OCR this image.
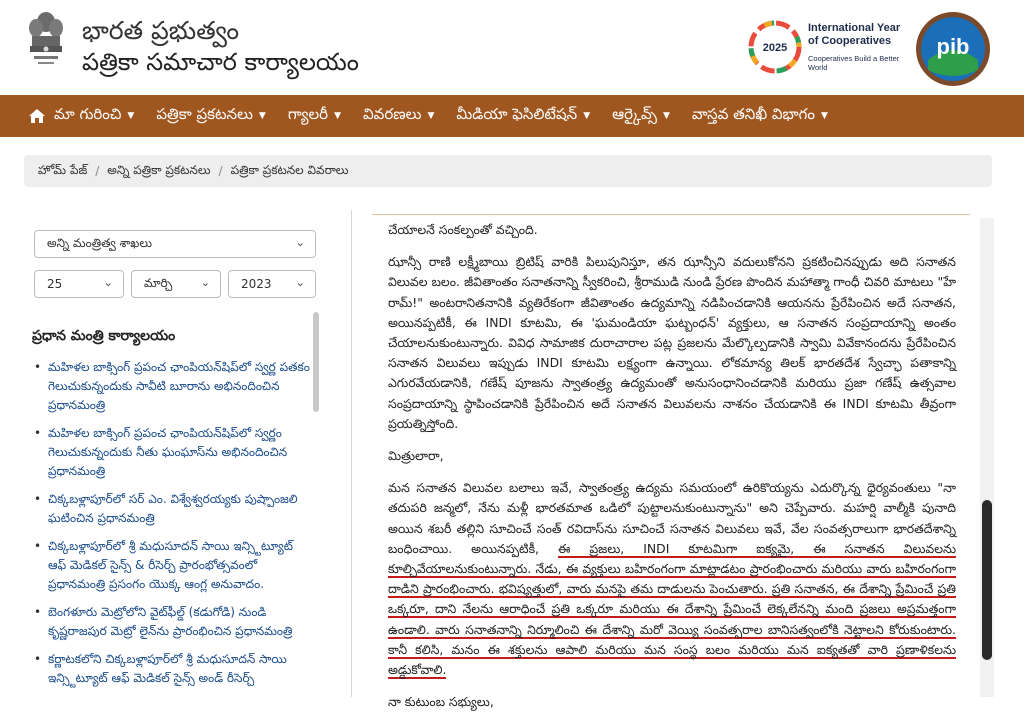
భారత ప్రభుత్వం
పత్రికా సమాచార కార్యాలయం	2025
International Year of Cooperatives
Cooperatives Build a Better World
pib
మా గురించి ▼ పత్రికా ప్రకటనలు ▼ గ్యాలరీ ▼ వివరణలు ▼ మీడియా ఫెసిలిటేషన్ ▼ ఆర్కైవ్స్ ▼ వాస్తవ తనిఖీ విభాగం ▼
హోమ్ పేజ్ / అన్ని పత్రికా ప్రకటనలు / పత్రికా ప్రకటనల వివరాలు
అన్ని మంత్రిత్వ శాఖలు	⌄
25	⌄	మార్చి	⌄	2023 ⌄
ప్రధాన మంత్రి కార్యాలయం
• మహిళల బాక్సింగ్ ప్రపంచ ఛాంపియన్‌షిప్‌లో స్వర్ణ పతకం గెలుచుకున్నందుకు సావీటి బూరాను అభినందించిన ప్రధానమంత్రి
• మహిళల బాక్సింగ్ ప్రపంచ ఛాంపియన్‌షిప్‌లో స్వర్ణం గెలుచుకున్నందుకు నీతు ఘంఘాస్‌ను అభినందించిన ప్రధానమంత్రి
• చిక్కబళ్లాపూర్‌లో సర్ ఎం. విశ్వేశ్వరయ్యకు పుష్పాంజలి ఘటించిన ప్రధానమంత్రి
• చిక్కబళ్లాపూర్‌లో శ్రీ మధుసూదన్ సాయి ఇన్స్టిట్యూట్ ఆఫ్ మెడికల్ సైన్స్ & రీసెర్చ్ ప్రారంభోత్సవంలో ప్రధానమంత్రి ప్రసంగం యొక్క ఆంగ్ల అనువాదం.
• బెంగళూరు మెట్రోలోని వైట్‌ఫీల్డ్ (కడుగోడి) నుండి కృష్ణరాజపుర మెట్రో లైన్‌ను ప్రారంభించిన ప్రధానమంత్రి
• కర్ణాటకలోని చిక్కబళ్లాపూర్‌లో శ్రీ మధుసూదన్ సాయి ఇన్స్టిట్యూట్ ఆఫ్ మెడికల్ సైన్స్ అండ్ రీసెర్చ్

చేయాలనే సంకల్పంతో వచ్చింది.

ఝాన్సీ రాణి లక్ష్మీబాయి బ్రిటిష్ వారికి పిలుపునిస్తూ, తన ఝాన్సీని వదులుకోనని ప్రకటించినప్పుడు అది సనాతన విలువల బలం. జీవితాంతం సనాతనాన్ని స్వీకరించి, శ్రీరాముడి నుండి ప్రేరణ పొందిన మహాత్మా గాంధీ చివరి మాటలు "హే రామ్!" అంటరానితనానికి వ్యతిరేకంగా జీవితాంతం ఉద్యమాన్ని నడిపించడానికి ఆయనను ప్రేరేపించిన అదే సనాతన, అయినప్పటికీ, ఈ INDI కూటమి, ఈ 'ఘమండియా ఘట్బంధన్' వ్యక్తులు, ఆ సనాతన సంప్రదాయాన్ని అంతం చేయాలనుకుంటున్నారు. వివిధ సామాజిక దురాచారాల పట్ల ప్రజలను మేల్కొల్పడానికి స్వామి వివేకానందను ప్రేరేపించిన సనాతన విలువలు ఇప్పుడు INDI కూటమి లక్ష్యంగా ఉన్నాయి. లోకమాన్య తిలక్ భారతదేశ స్వేచ్ఛా పతాకాన్ని ఎగురవేయడానికి, గణేష్ పూజను స్వాతంత్ర్య ఉద్యమంతో అనుసంధానించడానికి మరియు ప్రజా గణేష్ ఉత్సవాల సంప్రదాయాన్ని స్థాపించడానికి ప్రేరేపించిన అదే సనాతన విలువలను నాశనం చేయడానికి ఈ INDI కూటమి తీవ్రంగా ప్రయత్నిస్తోంది.

మిత్రులారా,

మన సనాతన విలువల బలాలు ఇవే, స్వాతంత్ర్య ఉద్యమ సమయంలో ఉరికొయ్యను ఎదుర్కొన్న ధైర్యవంతులు "నా తదుపరి జన్మలో, నేను మళ్లీ భారతమాత ఒడిలో పుట్టాలనుకుంటున్నాను" అని చెప్పేవారు. మహర్షి వాల్మీకి పునాది అయిన శబరీ తల్లిని సూచించే సంత్ రవిదాస్‌ను సూచించే సనాతన విలువలు ఇవే, వేల సంవత్సరాలుగా భారతదేశాన్ని బంధించాయి. అయినప్పటికీ, ఈ ప్రజలు, INDI కూటమిగా ఐక్యమై, ఈ సనాతన విలువలను కూల్చివేయాలనుకుంటున్నారు. నేడు, ఈ వ్యక్తులు బహిరంగంగా మాట్లాడటం ప్రారంభించారు మరియు వారు బహిరంగంగా దాడిని ప్రారంభించారు. భవిష్యత్తులో, వారు మనపై తమ దాడులను పెంచుతారు. ప్రతి సనాతన, ఈ దేశాన్ని ప్రేమించే ప్రతి ఒక్కరూ, దాని నేలను ఆరాధించే ప్రతి ఒక్కరూ మరియు ఈ దేశాన్ని ప్రేమించే లెక్కలేనన్ని మంది ప్రజలు అప్రమత్తంగా ఉండాలి. వారు సనాతనాన్ని నిర్మూలించి ఈ దేశాన్ని మరో వెయ్యి సంవత్సరాల బానిసత్వంలోకి నెట్టాలని కోరుకుంటారు. కానీ కలిసి, మనం ఈ శక్తులను ఆపాలి మరియు మన సంస్థ బలం మరియు మన ఐక్యతతో వారి ప్రణాళికలను అడ్డుకోవాలి.

నా కుటుంబ సభ్యులు,
